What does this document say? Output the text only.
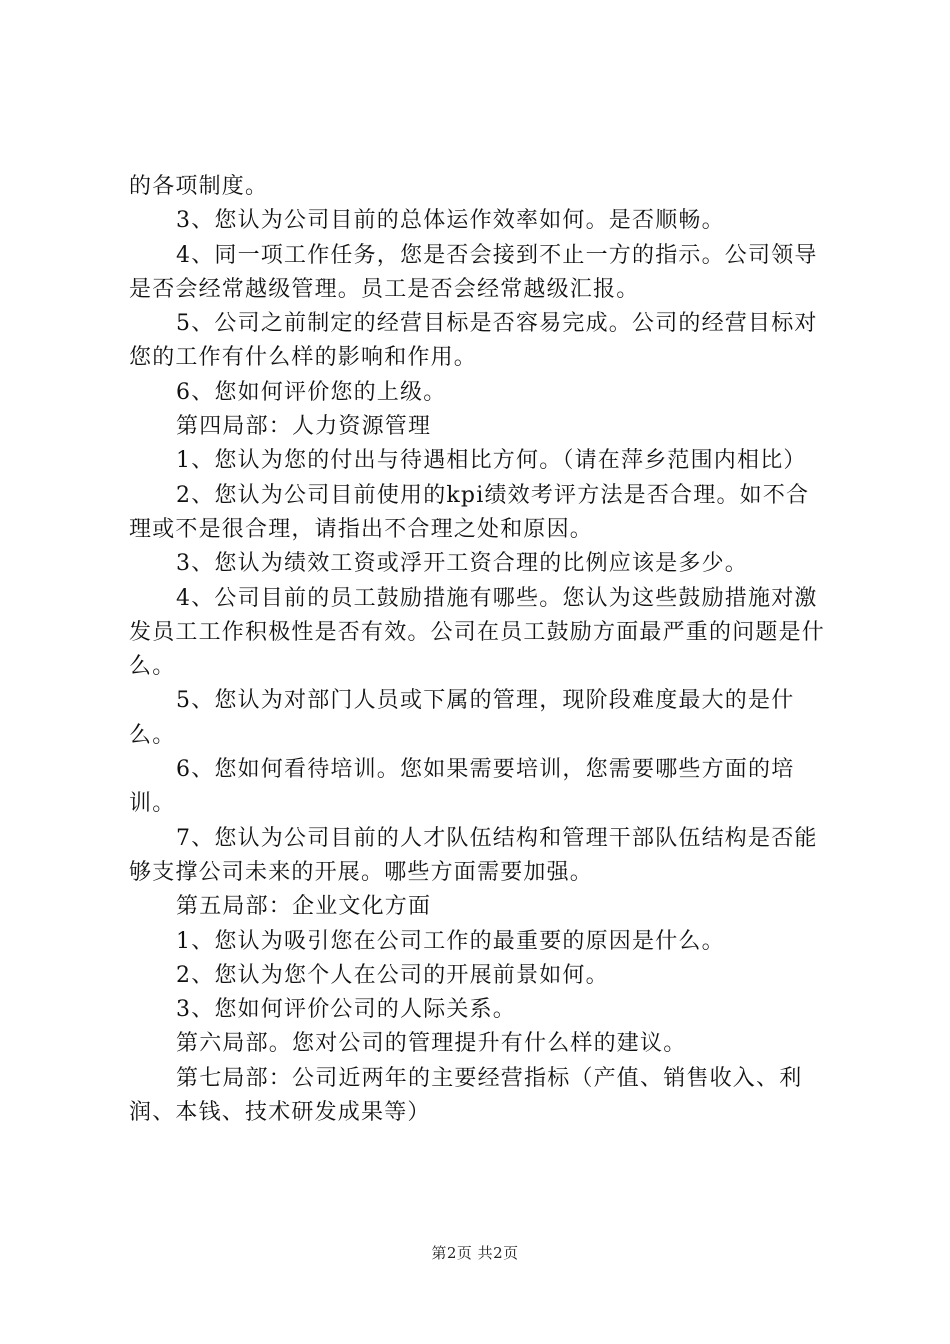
的各项制度。

3、您认为公司目前的总体运作效率如何。是否顺畅。

4、同一项工作任务，您是否会接到不止一方的指示。公司领导是否会经常越级管理。员工是否会经常越级汇报。

5、公司之前制定的经营目标是否容易完成。公司的经营目标对您的工作有什么样的影响和作用。

6、您如何评价您的上级。

第四局部：人力资源管理

1、您认为您的付出与待遇相比方何。（请在萍乡范围内相比）

2、您认为公司目前使用的kpi绩效考评方法是否合理。如不合理或不是很合理，请指出不合理之处和原因。

3、您认为绩效工资或浮开工资合理的比例应该是多少。

4、公司目前的员工鼓励措施有哪些。您认为这些鼓励措施对激发员工工作积极性是否有效。公司在员工鼓励方面最严重的问题是什么。

5、您认为对部门人员或下属的管理，现阶段难度最大的是什么。

6、您如何看待培训。您如果需要培训，您需要哪些方面的培训。

7、您认为公司目前的人才队伍结构和管理干部队伍结构是否能够支撑公司未来的开展。哪些方面需要加强。

第五局部：企业文化方面

1、您认为吸引您在公司工作的最重要的原因是什么。

2、您认为您个人在公司的开展前景如何。

3、您如何评价公司的人际关系。

第六局部。您对公司的管理提升有什么样的建议。

第七局部：公司近两年的主要经营指标（产值、销售收入、利润、本钱、技术研发成果等）

第2页 共2页
